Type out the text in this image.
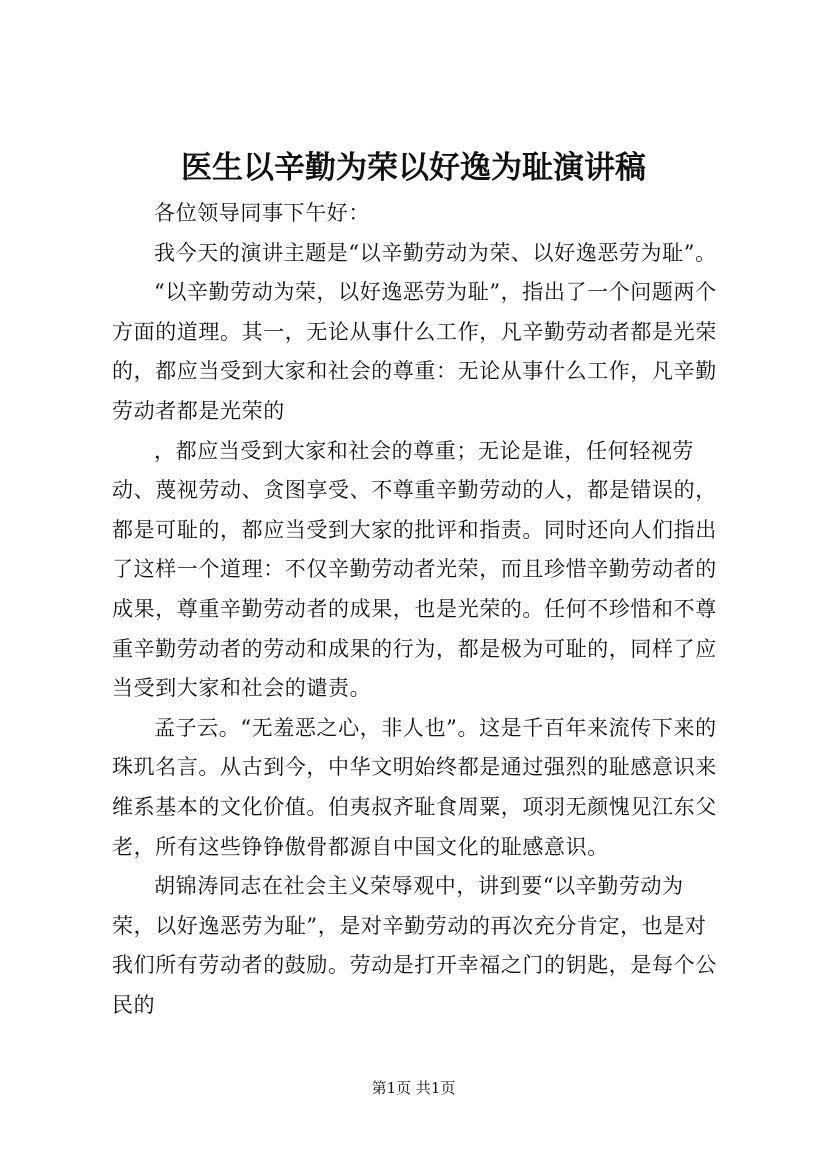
医生以辛勤为荣以好逸为耻演讲稿

各位领导同事下午好：

我今天的演讲主题是“以辛勤劳动为荣、以好逸恶劳为耻”。

“以辛勤劳动为荣，以好逸恶劳为耻”，指出了一个问题两个方面的道理。其一，无论从事什么工作，凡辛勤劳动者都是光荣的，都应当受到大家和社会的尊重：无论从事什么工作，凡辛勤劳动者都是光荣的

，都应当受到大家和社会的尊重；无论是谁，任何轻视劳动、蔑视劳动、贪图享受、不尊重辛勤劳动的人，都是错误的，都是可耻的，都应当受到大家的批评和指责。同时还向人们指出了这样一个道理：不仅辛勤劳动者光荣，而且珍惜辛勤劳动者的成果，尊重辛勤劳动者的成果，也是光荣的。任何不珍惜和不尊重辛勤劳动者的劳动和成果的行为，都是极为可耻的，同样了应当受到大家和社会的谴责。

孟子云。“无羞恶之心，非人也”。这是千百年来流传下来的珠玑名言。从古到今，中华文明始终都是通过强烈的耻感意识来维系基本的文化价值。伯夷叔齐耻食周粟，项羽无颜愧见江东父老，所有这些铮铮傲骨都源自中国文化的耻感意识。

胡锦涛同志在社会主义荣辱观中，讲到要“以辛勤劳动为荣，以好逸恶劳为耻”，是对辛勤劳动的再次充分肯定，也是对我们所有劳动者的鼓励。劳动是打开幸福之门的钥匙，是每个公民的

第1页 共1页
